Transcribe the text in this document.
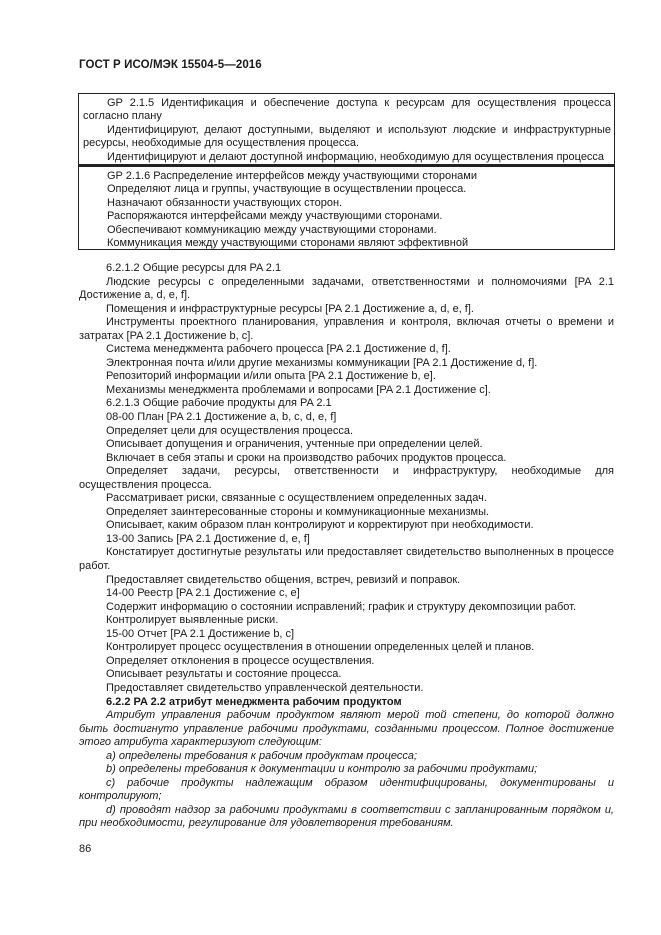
ГОСТ Р ИСО/МЭК 15504-5—2016

GP 2.1.5 Идентификация и обеспечение доступа к ресурсам для осуществления процесса согласно плану

Идентифицируют, делают доступными, выделяют и используют людские и инфраструктурные ресурсы, необходимые для осуществления процесса.

Идентифицируют и делают доступной информацию, необходимую для осуществления процесса

GP 2.1.6 Распределение интерфейсов между участвующими сторонами

Определяют лица и группы, участвующие в осуществлении процесса.

Назначают обязанности участвующих сторон.

Распоряжаются интерфейсами между участвующими сторонами.

Обеспечивают коммуникацию между участвующими сторонами.

Коммуникация между участвующими сторонами являют эффективной

6.2.1.2 Общие ресурсы для PA 2.1

Людские ресурсы с определенными задачами, ответственностями и полномочиями [PA 2.1 Достижение a, d, e, f].

Помещения и инфраструктурные ресурсы [PA 2.1 Достижение a, d, e, f].

Инструменты проектного планирования, управления и контроля, включая отчеты о времени и затратах [PA 2.1 Достижение b, c].

Система менеджмента рабочего процесса [PA 2.1 Достижение d, f].

Электронная почта и/или другие механизмы коммуникации [PA 2.1 Достижение d, f].

Репозиторий информации и/или опыта [PA 2.1 Достижение b, e].

Механизмы менеджмента проблемами и вопросами [PA 2.1 Достижение c].

6.2.1.3 Общие рабочие продукты для PA 2.1

08-00 План [PA 2.1 Достижение a, b, c, d, e, f]

Определяет цели для осуществления процесса.

Описывает допущения и ограничения, учтенные при определении целей.

Включает в себя этапы и сроки на производство рабочих продуктов процесса.

Определяет задачи, ресурсы, ответственности и инфраструктуру, необходимые для осуществления процесса.

Рассматривает риски, связанные с осуществлением определенных задач.

Определяет заинтересованные стороны и коммуникационные механизмы.

Описывает, каким образом план контролируют и корректируют при необходимости.

13-00 Запись [PA 2.1 Достижение d, e, f]

Констатирует достигнутые результаты или предоставляет свидетельство выполненных в процессе работ.

Предоставляет свидетельство общения, встреч, ревизий и поправок.

14-00 Реестр [PA 2.1 Достижение c, e]

Содержит информацию о состоянии исправлений; график и структуру декомпозиции работ.

Контролирует выявленные риски.

15-00 Отчет [PA 2.1 Достижение b, c]

Контролирует процесс осуществления в отношении определенных целей и планов.

Определяет отклонения в процессе осуществления.

Описывает результаты и состояние процесса.

Предоставляет свидетельство управленческой деятельности.

6.2.2 PA 2.2 атрибут менеджмента рабочим продуктом

Атрибут управления рабочим продуктом являют мерой той степени, до которой должно быть достигнуто управление рабочими продуктами, созданными процессом. Полное достижение этого атрибута характеризуют следующим:

a) определены требования к рабочим продуктам процесса;

b) определены требования к документации и контролю за рабочими продуктами;

c) рабочие продукты надлежащим образом идентифицированы, документированы и контролируют;

d) проводят надзор за рабочими продуктами в соответствии с запланированным порядком и, при необходимости, регулирование для удовлетворения требованиям.

86
